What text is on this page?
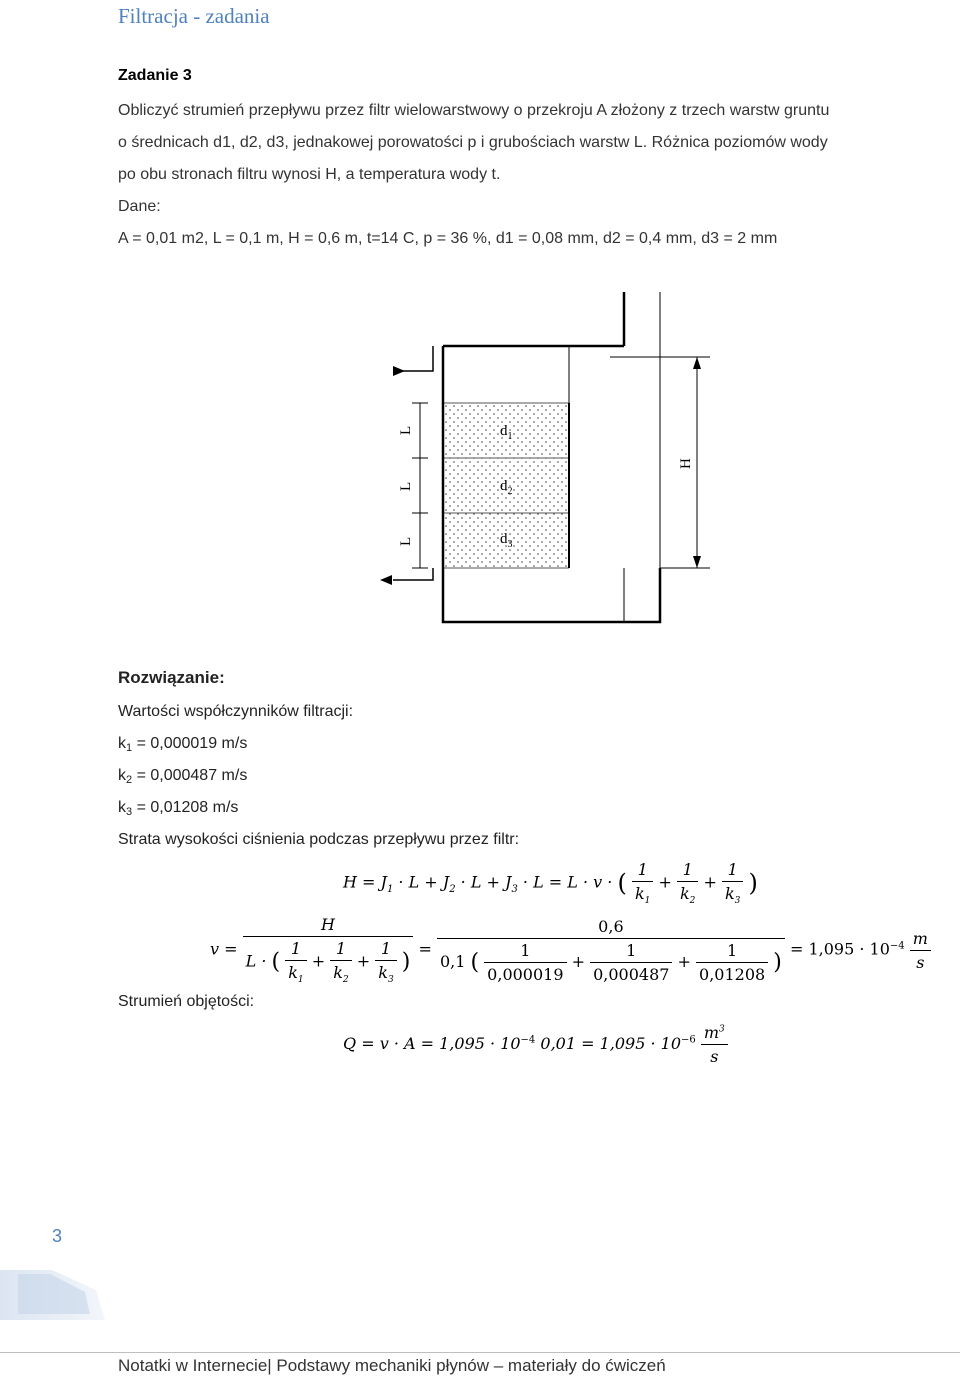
Filtracja - zadania
Zadanie 3
Obliczyć strumień przepływu przez filtr wielowarstwowy o przekroju A złożony z trzech warstw gruntu
o średnicach d1, d2, d3, jednakowej porowatości p i grubościach warstw L. Różnica poziomów wody
po obu stronach filtru wynosi H, a temperatura wody t.
Dane:
A = 0,01 m2, L = 0,1 m, H = 0,6 m, t=14 C, p = 36 %, d1 = 0,08 mm, d2 = 0,4 mm, d3 = 2 mm
$d_1$
$d_2$
$d_3$
L
L
L
H
Rozwiązanie:
Wartości współczynników filtracji:
$k_1 = 0,000019$ m/s
$k_2 = 0,000487$ m/s
$k_3 = 0,01208$ m/s
Strata wysokości ciśnienia podczas przepływu przez filtr:
$H = J_1 \cdot L + J_2 \cdot L + J_3 \cdot L = L \cdot v$ · ( $\frac{1}{k_1} + \frac{1}{k_2} + \frac{1}{k_3}$ )
$v = \frac{H}{L \cdot ( \frac{1}{k_1} + \frac{1}{k_2} + \frac{1}{k_3} )}$ =
0,6
0,1 ( $\frac{1}{0,000019} + \frac{1}{0,000487} + \frac{1}{0,01208}$ )
= $1,095 \cdot 10^{-4} \frac{m}{s}$
Strumień objętości:
$Q = v \cdot A = 1,095 \cdot 10^{-4}$ $0,01 = 1,095 \cdot 10^{-6} \frac{m^3}{s}$
3
Notatki w Internecie| Podstawy mechaniki płynów – materiały do ćwiczeń
